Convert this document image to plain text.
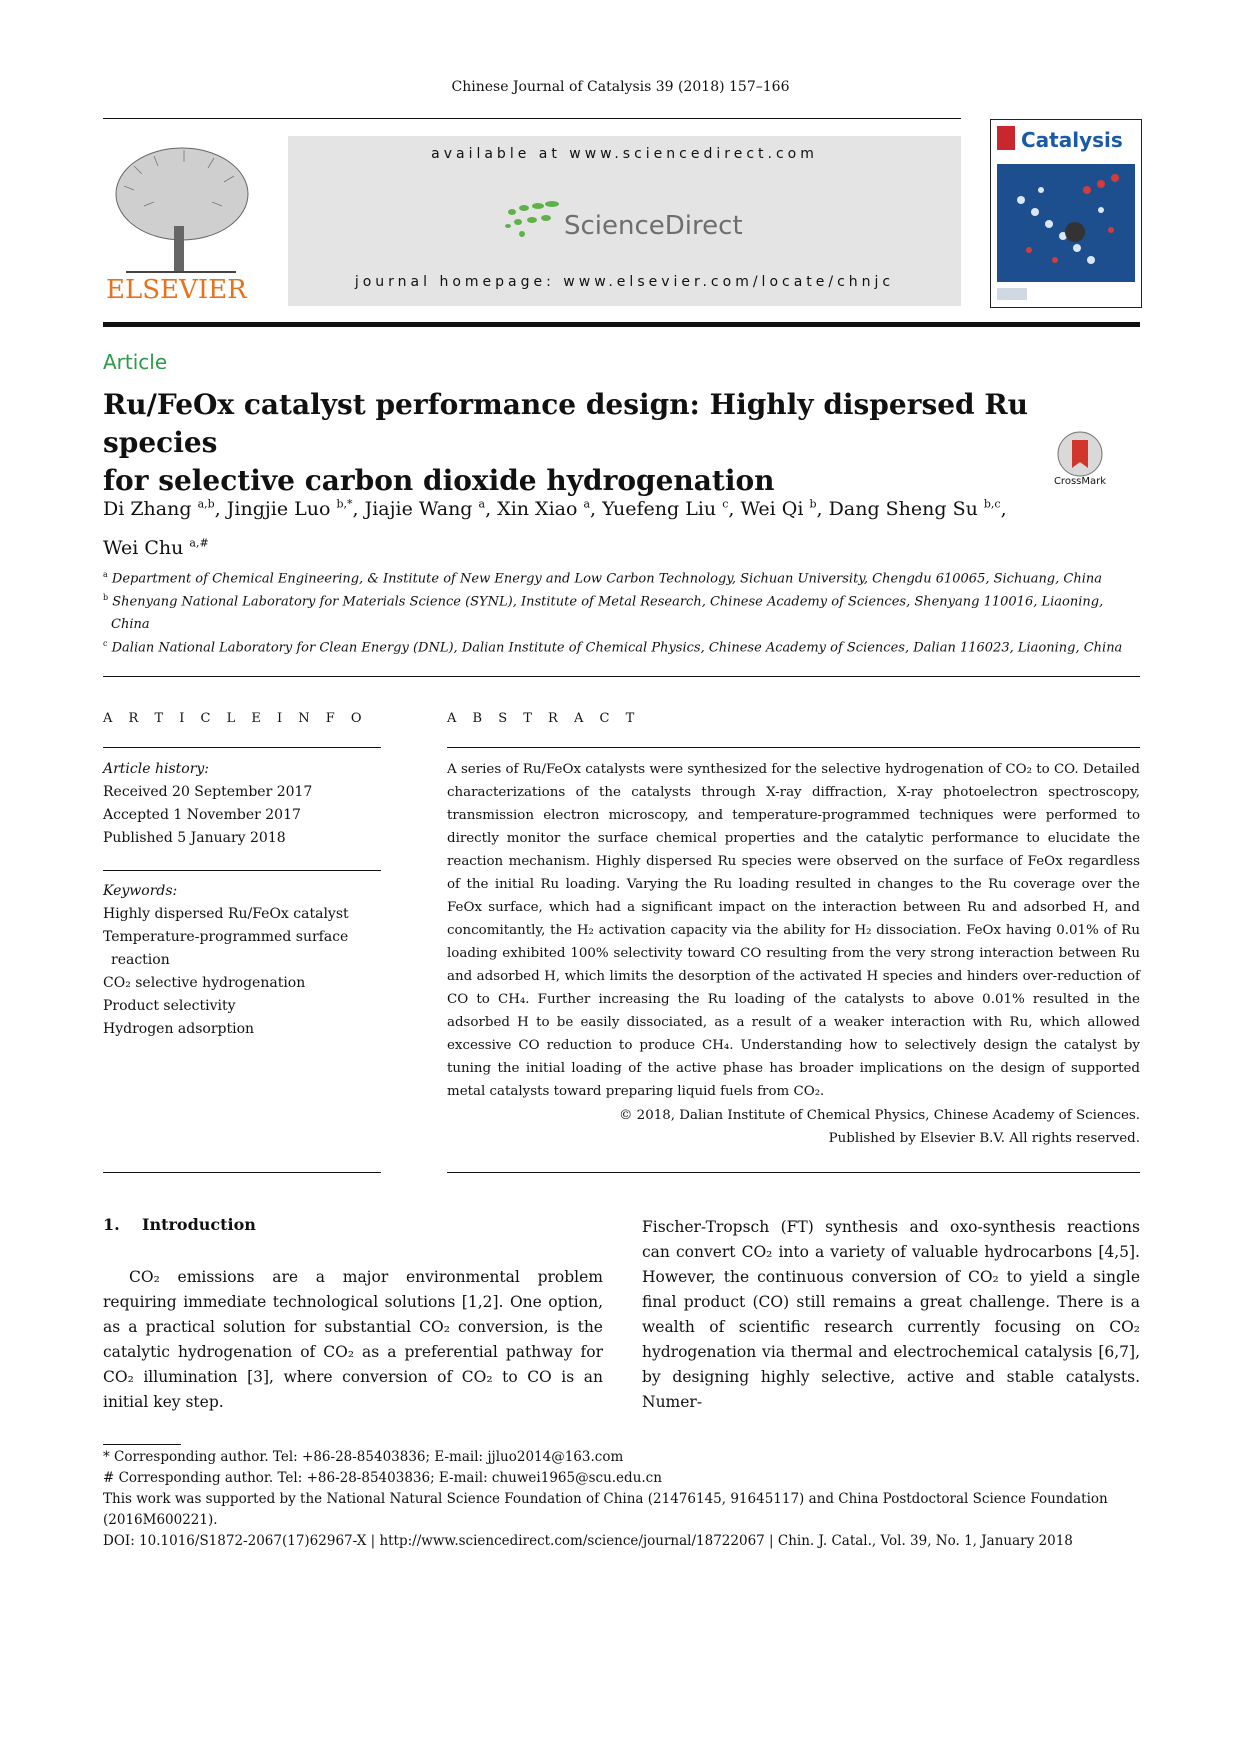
Chinese Journal of Catalysis 39 (2018) 157–166
ELSEVIER
available at www.sciencedirect.com
ScienceDirect
journal homepage: www.elsevier.com/locate/chnjc
Catalysis
Article
Ru/FeOx catalyst performance design: Highly dispersed Ru species
for selective carbon dioxide hydrogenation	CrossMark
Di Zhang $^{a,b}$, Jingjie Luo $^{b,*}$, Jiajie Wang $^a$, Xin Xiao $^a$, Yuefeng Liu $^c$, Wei Qi $^b$, Dang Sheng Su $^{b,c}$,
Wei Chu $^{a,\#}$
$^a$ Department of Chemical Engineering, & Institute of New Energy and Low Carbon Technology, Sichuan University, Chengdu 610065, Sichuang, China
$^b$ Shenyang National Laboratory for Materials Science (SYNL), Institute of Metal Research, Chinese Academy of Sciences, Shenyang 110016, Liaoning,
China
$^c$ Dalian National Laboratory for Clean Energy (DNL), Dalian Institute of Chemical Physics, Chinese Academy of Sciences, Dalian 116023, Liaoning, China
A R T I C L E I N F O	A B S T R A C T
Article history:
Received 20 September 2017
Accepted 1 November 2017
Published 5 January 2018
Keywords:
Highly dispersed Ru/FeOx catalyst
Temperature-programmed surface
reaction
CO₂ selective hydrogenation
Product selectivity
Hydrogen adsorption
A series of Ru/FeOx catalysts were synthesized for the selective hydrogenation of CO₂ to CO. Detailed characterizations of the catalysts through X-ray diffraction, X-ray photoelectron spectroscopy, transmission electron microscopy, and temperature-programmed techniques were performed to directly monitor the surface chemical properties and the catalytic performance to elucidate the reaction mechanism. Highly dispersed Ru species were observed on the surface of FeOx regardless of the initial Ru loading. Varying the Ru loading resulted in changes to the Ru coverage over the FeOx surface, which had a significant impact on the interaction between Ru and adsorbed H, and concomitantly, the H₂ activation capacity via the ability for H₂ dissociation. FeOx having 0.01% of Ru loading exhibited 100% selectivity toward CO resulting from the very strong interaction between Ru and adsorbed H, which limits the desorption of the activated H species and hinders over-reduction of CO to CH₄. Further increasing the Ru loading of the catalysts to above 0.01% resulted in the adsorbed H to be easily dissociated, as a result of a weaker interaction with Ru, which allowed excessive CO reduction to produce CH₄. Understanding how to selectively design the catalyst by tuning the initial loading of the active phase has broader implications on the design of supported metal catalysts toward preparing liquid fuels from CO₂.
© 2018, Dalian Institute of Chemical Physics, Chinese Academy of Sciences.
Published by Elsevier B.V. All rights reserved.
1. Introduction
CO₂ emissions are a major environmental problem requiring immediate technological solutions [1,2]. One option, as a practical solution for substantial CO₂ conversion, is the catalytic hydrogenation of CO₂ as a preferential pathway for CO₂ illumination [3], where conversion of CO₂ to CO is an initial key step.
Fischer-Tropsch (FT) synthesis and oxo-synthesis reactions can convert CO₂ into a variety of valuable hydrocarbons [4,5]. However, the continuous conversion of CO₂ to yield a single final product (CO) still remains a great challenge. There is a wealth of scientific research currently focusing on CO₂ hydrogenation via thermal and electrochemical catalysis [6,7], by designing highly selective, active and stable catalysts. Numer-
* Corresponding author. Tel: +86-28-85403836; E-mail: jjluo2014@163.com
# Corresponding author. Tel: +86-28-85403836; E-mail: chuwei1965@scu.edu.cn
This work was supported by the National Natural Science Foundation of China (21476145, 91645117) and China Postdoctoral Science Foundation (2016M600221).
DOI: 10.1016/S1872-2067(17)62967-X | http://www.sciencedirect.com/science/journal/18722067 | Chin. J. Catal., Vol. 39, No. 1, January 2018
